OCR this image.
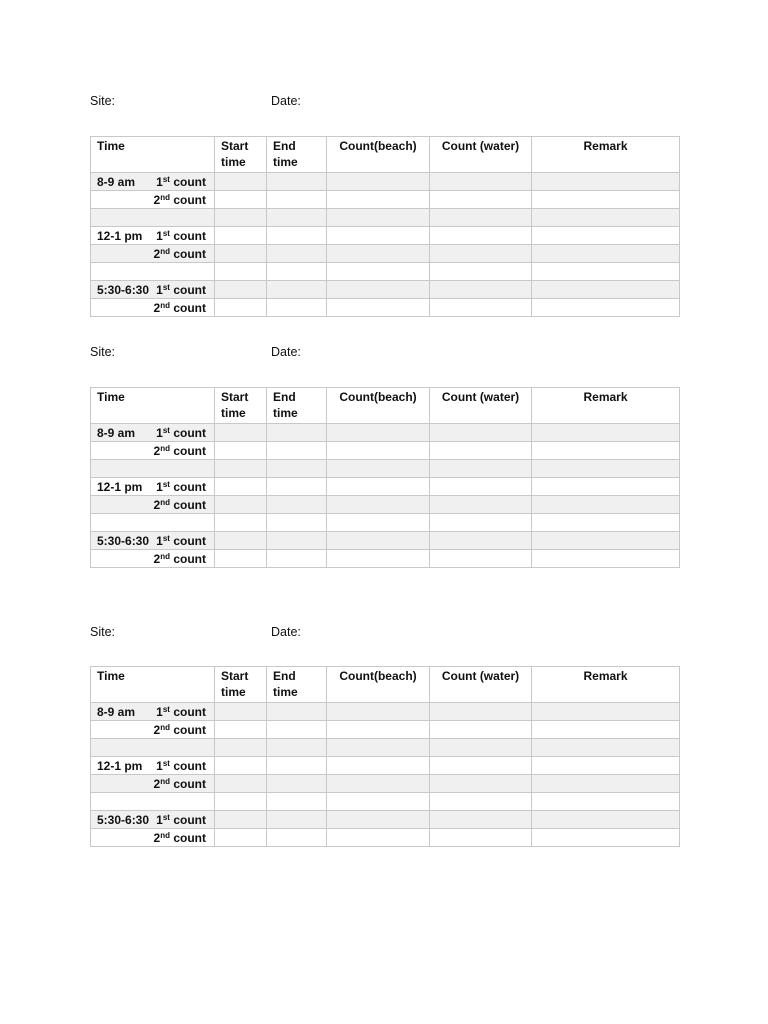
Site:	Date:
Time	Start time	End time	Count(beach)	Count (water)	Remark

8-9 am 1st count					

2nd count					

12-1 pm 1st count					

2nd count					

5:30-6:30 1st count					

2nd count					

Site:	Date:
Time	Start time	End time	Count(beach)	Count (water)	Remark

8-9 am 1st count					

2nd count					

12-1 pm 1st count					

2nd count					

5:30-6:30 1st count					

2nd count					

Site:	Date:
Time	Start time	End time	Count(beach)	Count (water)	Remark

8-9 am 1st count					

2nd count					

12-1 pm 1st count					

2nd count					

5:30-6:30 1st count					

2nd count					
